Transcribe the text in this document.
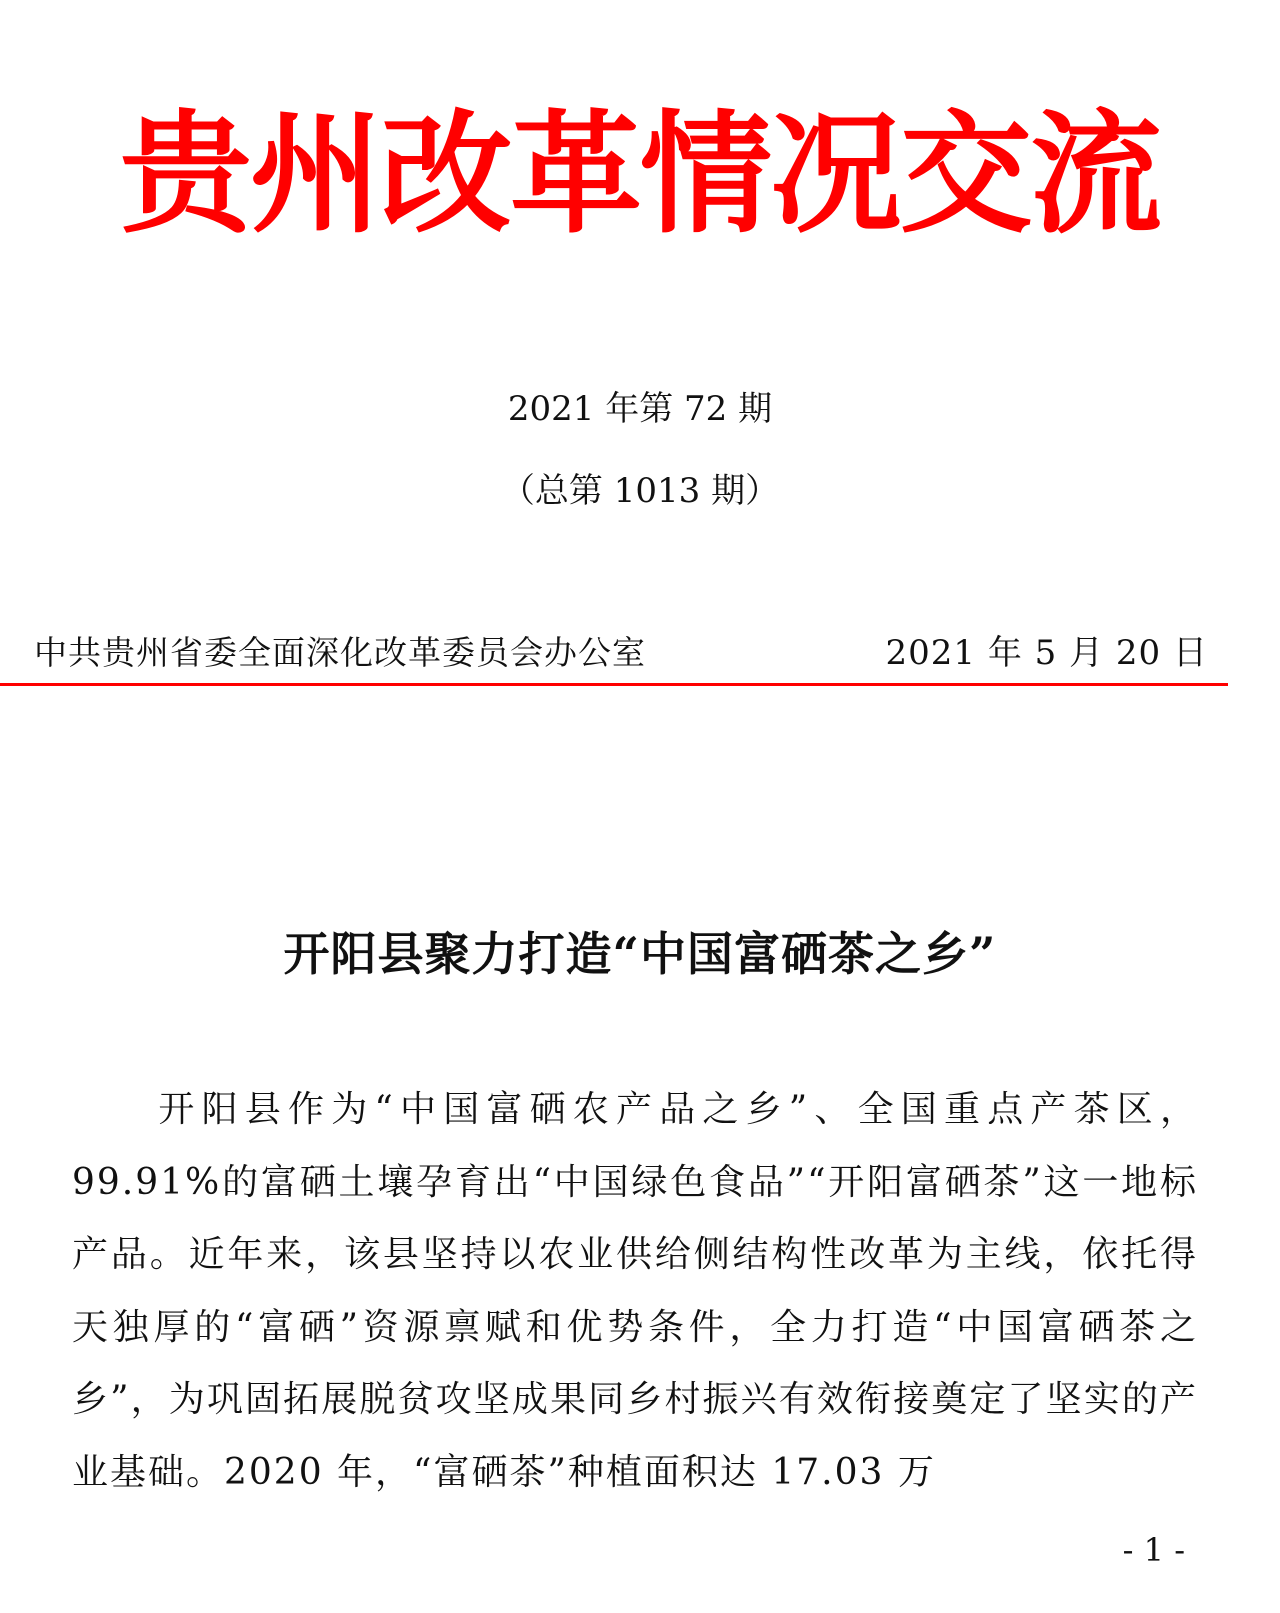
贵州改革情况交流
2021 年第 72 期
（总第 1013 期）
中共贵州省委全面深化改革委员会办公室	2021 年 5 月 20 日
开阳县聚力打造“中国富硒茶之乡”

开阳县作为“中国富硒农产品之乡”、全国重点产茶区，99.91%的富硒土壤孕育出“中国绿色食品”“开阳富硒茶”这一地标产品。近年来，该县坚持以农业供给侧结构性改革为主线，依托得天独厚的“富硒”资源禀赋和优势条件，全力打造“中国富硒茶之乡”，为巩固拓展脱贫攻坚成果同乡村振兴有效衔接奠定了坚实的产业基础。2020 年，“富硒茶”种植面积达 17.03 万

- 1 -
